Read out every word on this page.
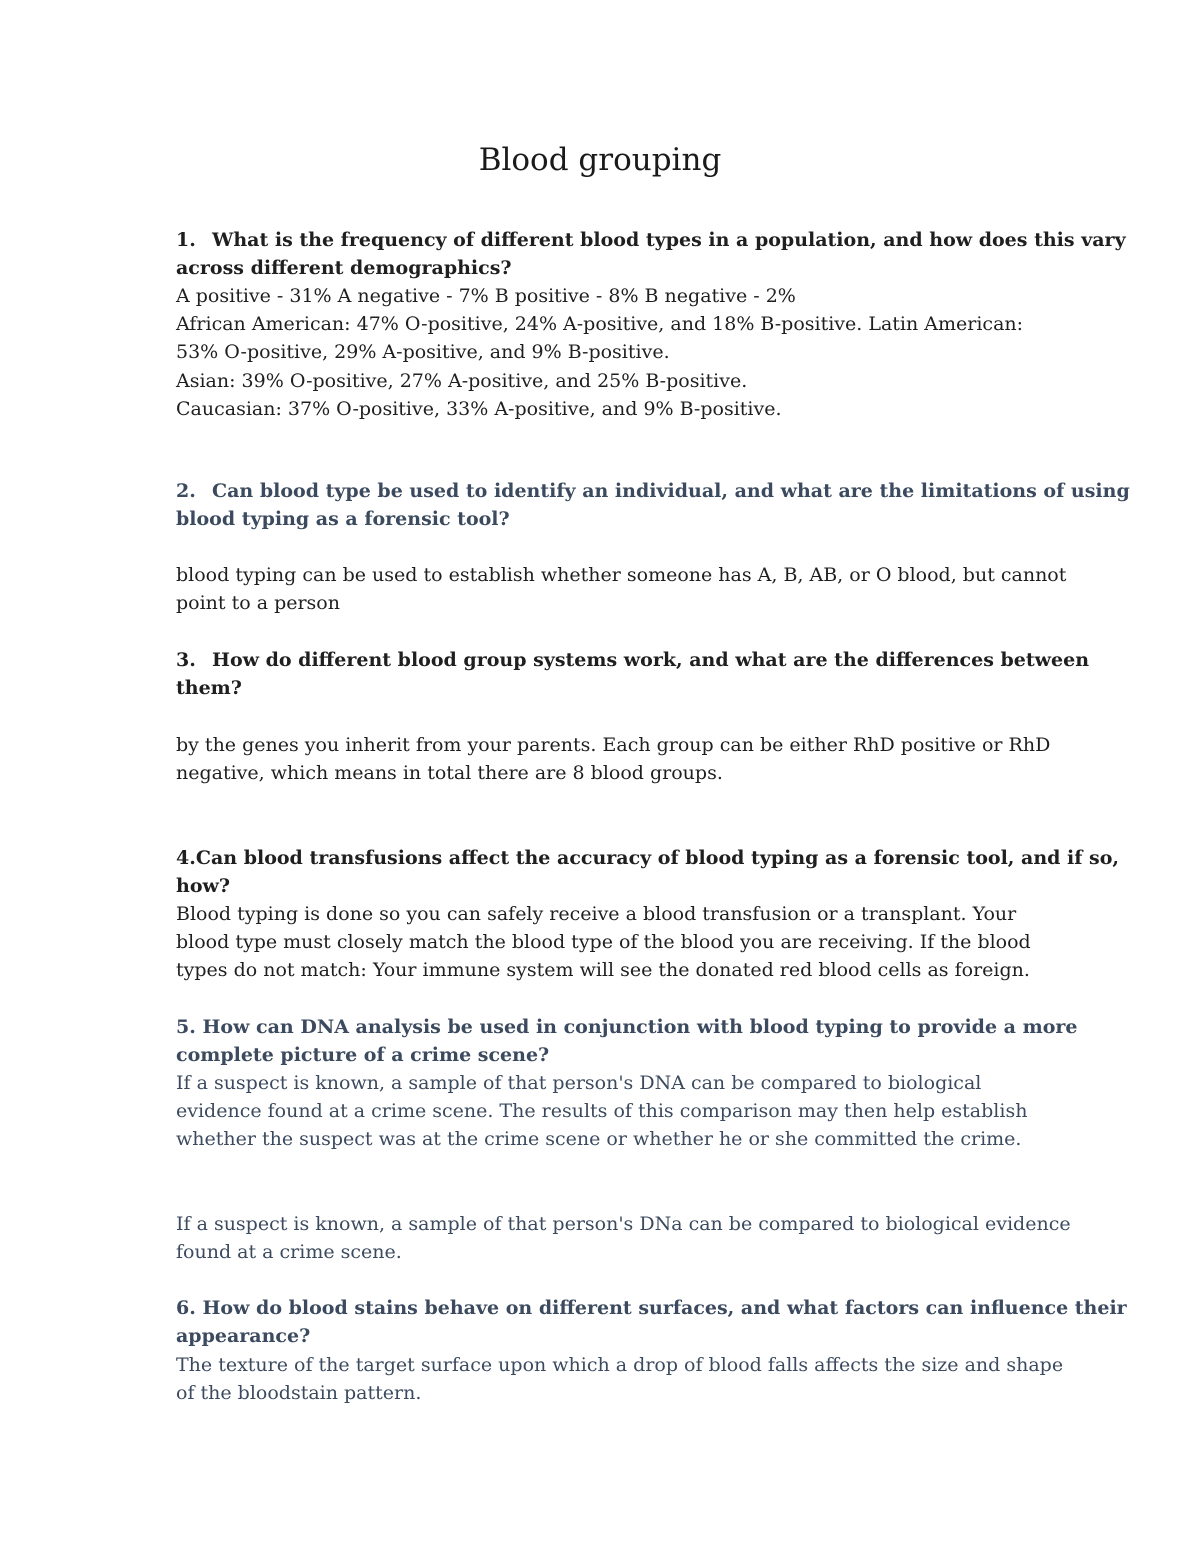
Blood grouping
1. What is the frequency of different blood types in a population, and how does this vary
across different demographics?
A positive - 31% A negative - 7% B positive - 8% B negative - 2%
African American: 47% O-positive, 24% A-positive, and 18% B-positive. Latin American:
53% O-positive, 29% A-positive, and 9% B-positive.
Asian: 39% O-positive, 27% A-positive, and 25% B-positive.
Caucasian: 37% O-positive, 33% A-positive, and 9% B-positive.
2. Can blood type be used to identify an individual, and what are the limitations of using
blood typing as a forensic tool?
blood typing can be used to establish whether someone has A, B, AB, or O blood, but cannot
point to a person
3. How do different blood group systems work, and what are the differences between
them?
by the genes you inherit from your parents. Each group can be either RhD positive or RhD
negative, which means in total there are 8 blood groups.
4.Can blood transfusions affect the accuracy of blood typing as a forensic tool, and if so,
how?
Blood typing is done so you can safely receive a blood transfusion or a transplant. Your
blood type must closely match the blood type of the blood you are receiving. If the blood
types do not match: Your immune system will see the donated red blood cells as foreign.
5. How can DNA analysis be used in conjunction with blood typing to provide a more
complete picture of a crime scene?
If a suspect is known, a sample of that person's DNA can be compared to biological
evidence found at a crime scene. The results of this comparison may then help establish
whether the suspect was at the crime scene or whether he or she committed the crime.
If a suspect is known, a sample of that person's DNa can be compared to biological evidence
found at a crime scene.
6. How do blood stains behave on different surfaces, and what factors can influence their
appearance?
The texture of the target surface upon which a drop of blood falls affects the size and shape
of the bloodstain pattern.
